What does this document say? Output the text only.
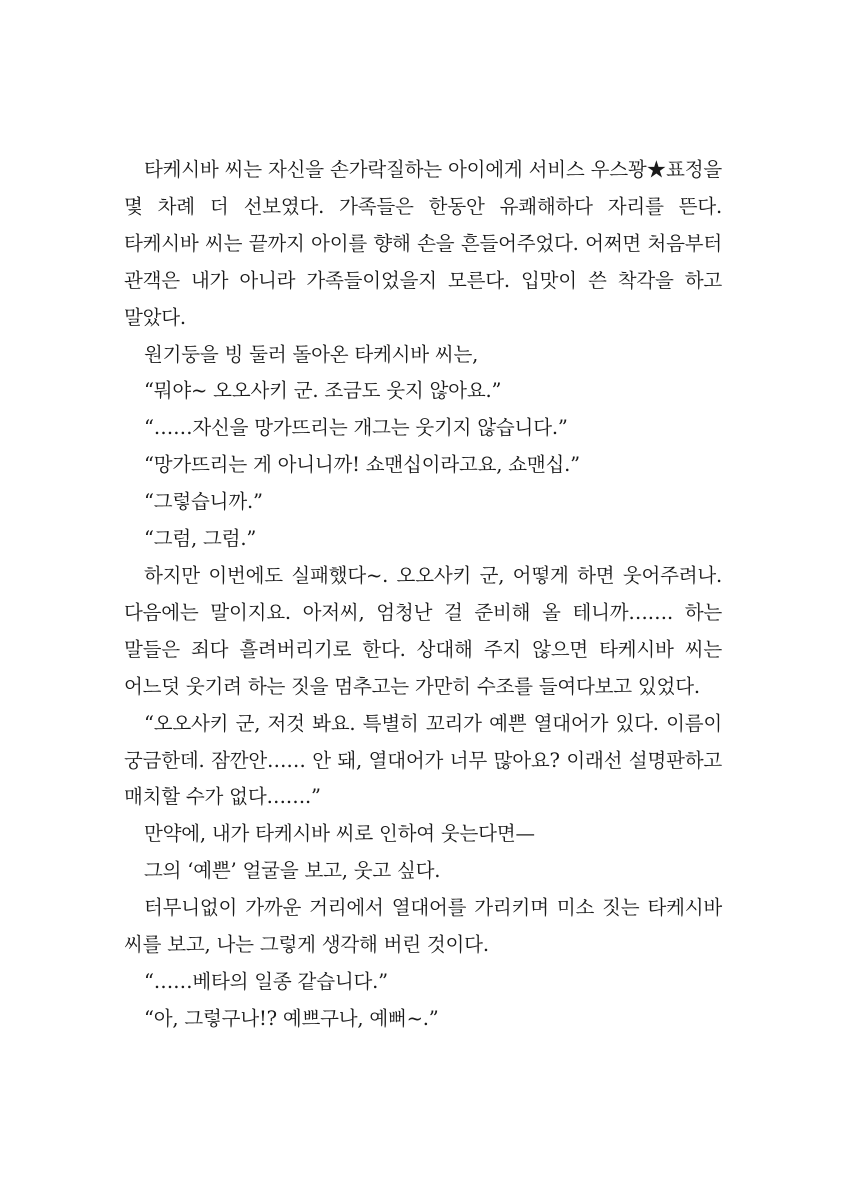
타케시바 씨는 자신을 손가락질하는 아이에게 서비스 우스꽝★표정을 몇 차례 더 선보였다. 가족들은 한동안 유쾌해하다 자리를 뜬다. 타케시바 씨는 끝까지 아이를 향해 손을 흔들어주었다. 어쩌면 처음부터 관객은 내가 아니라 가족들이었을지 모른다. 입맛이 쓴 착각을 하고 말았다.

원기둥을 빙 둘러 돌아온 타케시바 씨는,

“뭐야~ 오오사키 군. 조금도 웃지 않아요.”

“……자신을 망가뜨리는 개그는 웃기지 않습니다.”

“망가뜨리는 게 아니니까! 쇼맨십이라고요, 쇼맨십.”

“그렇습니까.”

“그럼, 그럼.”

하지만 이번에도 실패했다~. 오오사키 군, 어떻게 하면 웃어주려나. 다음에는 말이지요. 아저씨, 엄청난 걸 준비해 올 테니까……. 하는 말들은 죄다 흘려버리기로 한다. 상대해 주지 않으면 타케시바 씨는 어느덧 웃기려 하는 짓을 멈추고는 가만히 수조를 들여다보고 있었다.

“오오사키 군, 저것 봐요. 특별히 꼬리가 예쁜 열대어가 있다. 이름이 궁금한데. 잠깐안…… 안 돼, 열대어가 너무 많아요? 이래선 설명판하고 매치할 수가 없다…….”

만약에, 내가 타케시바 씨로 인하여 웃는다면—

그의 ‘예쁜’ 얼굴을 보고, 웃고 싶다.

터무니없이 가까운 거리에서 열대어를 가리키며 미소 짓는 타케시바 씨를 보고, 나는 그렇게 생각해 버린 것이다.

“……베타의 일종 같습니다.”

“아, 그렇구나!? 예쁘구나, 예뻐~.”
